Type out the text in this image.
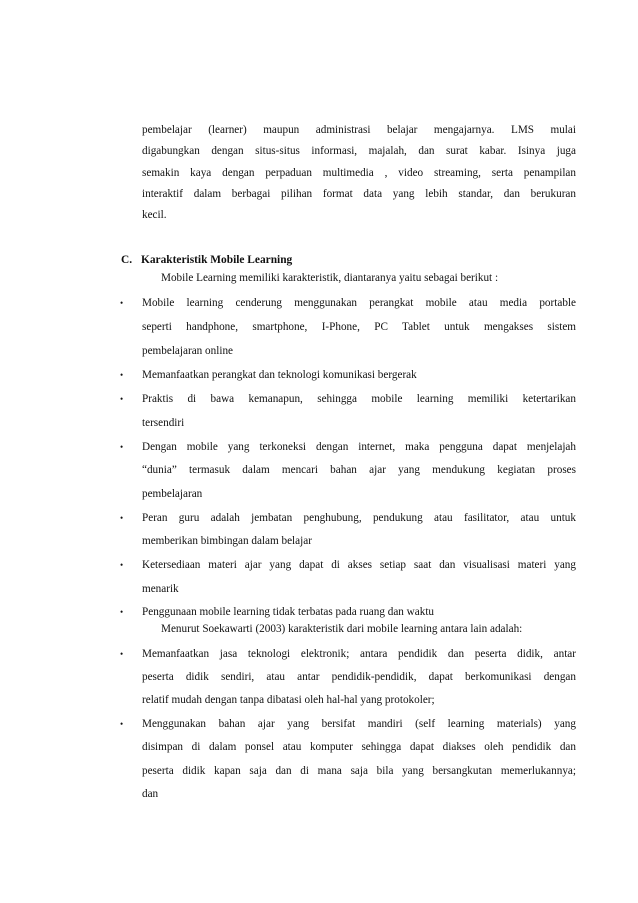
pembelajar (learner) maupun administrasi belajar mengajarnya. LMS mulai
digabungkan dengan situs-situs informasi, majalah, dan surat kabar. Isinya juga
semakin kaya dengan perpaduan multimedia , video streaming, serta penampilan
interaktif dalam berbagai pilihan format data yang lebih standar, dan berukuran
kecil.
C. Karakteristik Mobile Learning
Mobile Learning memiliki karakteristik, diantaranya yaitu sebagai berikut :
• Mobile learning cenderung menggunakan perangkat mobile atau media portable
seperti handphone, smartphone, I-Phone, PC Tablet untuk mengakses sistem
pembelajaran online
• Memanfaatkan perangkat dan teknologi komunikasi bergerak
• Praktis di bawa kemanapun, sehingga mobile learning memiliki ketertarikan
tersendiri
• Dengan mobile yang terkoneksi dengan internet, maka pengguna dapat menjelajah
“dunia” termasuk dalam mencari bahan ajar yang mendukung kegiatan proses
pembelajaran
• Peran guru adalah jembatan penghubung, pendukung atau fasilitator, atau untuk
memberikan bimbingan dalam belajar
• Ketersediaan materi ajar yang dapat di akses setiap saat dan visualisasi materi yang
menarik
• Penggunaan mobile learning tidak terbatas pada ruang dan waktu
Menurut Soekawarti (2003) karakteristik dari mobile learning antara lain adalah:
• Memanfaatkan jasa teknologi elektronik; antara pendidik dan peserta didik, antar
peserta didik sendiri, atau antar pendidik-pendidik, dapat berkomunikasi dengan
relatif mudah dengan tanpa dibatasi oleh hal-hal yang protokoler;
• Menggunakan bahan ajar yang bersifat mandiri (self learning materials) yang
disimpan di dalam ponsel atau komputer sehingga dapat diakses oleh pendidik dan
peserta didik kapan saja dan di mana saja bila yang bersangkutan memerlukannya;
dan
